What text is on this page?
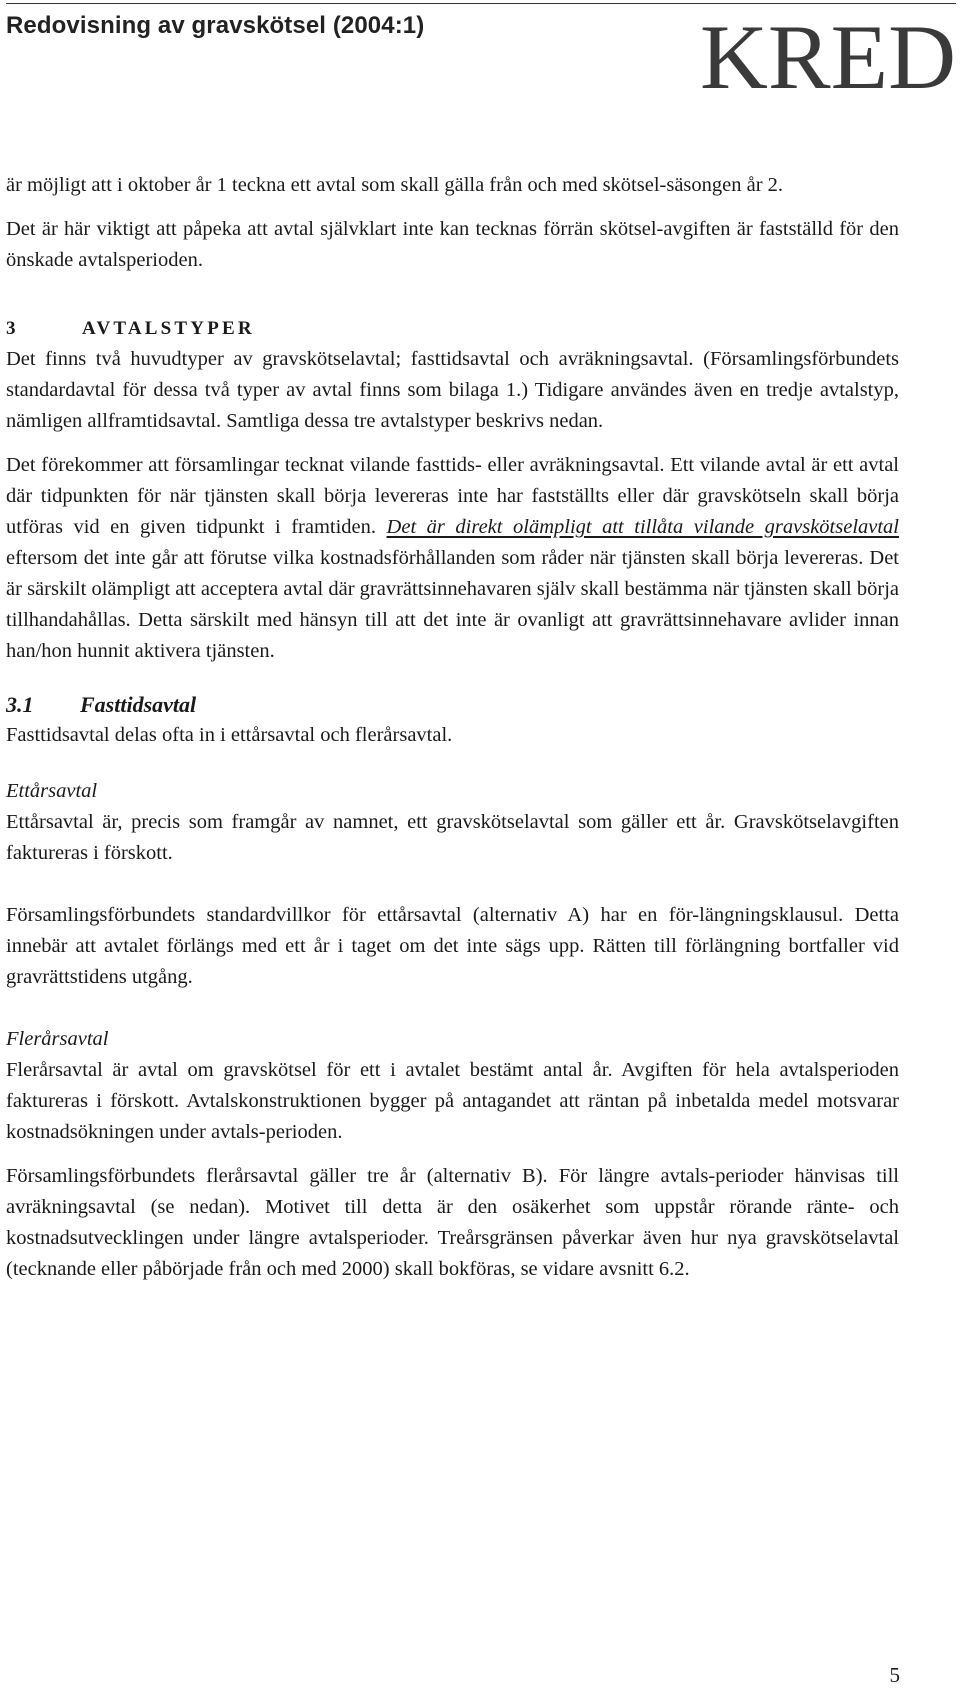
Redovisning av gravskötsel (2004:1)	KRED

är möjligt att i oktober år 1 teckna ett avtal som skall gälla från och med skötsel-säsongen år 2.

Det är här viktigt att påpeka att avtal självklart inte kan tecknas förrän skötsel-avgiften är fastställd för den önskade avtalsperioden.

3	AVTALSTYPER

Det finns två huvudtyper av gravskötselavtal; fasttidsavtal och avräkningsavtal. (Församlingsförbundets standardavtal för dessa två typer av avtal finns som bilaga 1.) Tidigare användes även en tredje avtalstyp, nämligen allframtidsavtal. Samtliga dessa tre avtalstyper beskrivs nedan.

Det förekommer att församlingar tecknat vilande fasttids- eller avräkningsavtal. Ett vilande avtal är ett avtal där tidpunkten för när tjänsten skall börja levereras inte har fastställts eller där gravskötseln skall börja utföras vid en given tidpunkt i framtiden. Det är direkt olämpligt att tillåta vilande gravskötselavtal eftersom det inte går att förutse vilka kostnadsförhållanden som råder när tjänsten skall börja levereras. Det är särskilt olämpligt att acceptera avtal där gravrättsinnehavaren själv skall bestämma när tjänsten skall börja tillhandahållas. Detta särskilt med hänsyn till att det inte är ovanligt att gravrättsinnehavare avlider innan han/hon hunnit aktivera tjänsten.

3.1 Fasttidsavtal

Fasttidsavtal delas ofta in i ettårsavtal och flerårsavtal.

Ettårsavtal

Ettårsavtal är, precis som framgår av namnet, ett gravskötselavtal som gäller ett år. Gravskötselavgiften faktureras i förskott.

Församlingsförbundets standardvillkor för ettårsavtal (alternativ A) har en för-längningsklausul. Detta innebär att avtalet förlängs med ett år i taget om det inte sägs upp. Rätten till förlängning bortfaller vid gravrättstidens utgång.

Flerårsavtal

Flerårsavtal är avtal om gravskötsel för ett i avtalet bestämt antal år. Avgiften för hela avtalsperioden faktureras i förskott. Avtalskonstruktionen bygger på antagandet att räntan på inbetalda medel motsvarar kostnadsökningen under avtals-perioden.

Församlingsförbundets flerårsavtal gäller tre år (alternativ B). För längre avtals-perioder hänvisas till avräkningsavtal (se nedan). Motivet till detta är den osäkerhet som uppstår rörande ränte- och kostnadsutvecklingen under längre avtalsperioder. Treårsgränsen påverkar även hur nya gravskötselavtal (tecknande eller påbörjade från och med 2000) skall bokföras, se vidare avsnitt 6.2.

5
